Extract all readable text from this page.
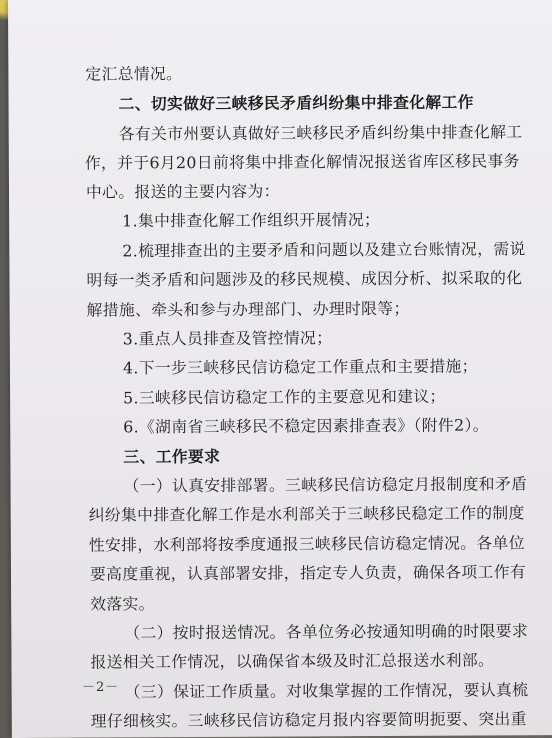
定汇总情况。
二、切实做好三峡移民矛盾纠纷集中排查化解工作
各有关市州要认真做好三峡移民矛盾纠纷集中排查化解工
作，并于6月20日前将集中排查化解情况报送省库区移民事务
中心。报送的主要内容为：
1.集中排查化解工作组织开展情况；
2.梳理排查出的主要矛盾和问题以及建立台账情况，需说
明每一类矛盾和问题涉及的移民规模、成因分析、拟采取的化
解措施、牵头和参与办理部门、办理时限等；
3.重点人员排查及管控情况；
4.下一步三峡移民信访稳定工作重点和主要措施；
5.三峡移民信访稳定工作的主要意见和建议；
6.《湖南省三峡移民不稳定因素排查表》（附件2）。
三、工作要求
（一）认真安排部署。三峡移民信访稳定月报制度和矛盾
纠纷集中排查化解工作是水利部关于三峡移民稳定工作的制度
性安排，水利部将按季度通报三峡移民信访稳定情况。各单位
要高度重视，认真部署安排，指定专人负责，确保各项工作有
效落实。
（二）按时报送情况。各单位务必按通知明确的时限要求
报送相关工作情况，以确保省本级及时汇总报送水利部。
（三）保证工作质量。对收集掌握的工作情况，要认真梳
理仔细核实。三峡移民信访稳定月报内容要简明扼要、突出重
－2－
